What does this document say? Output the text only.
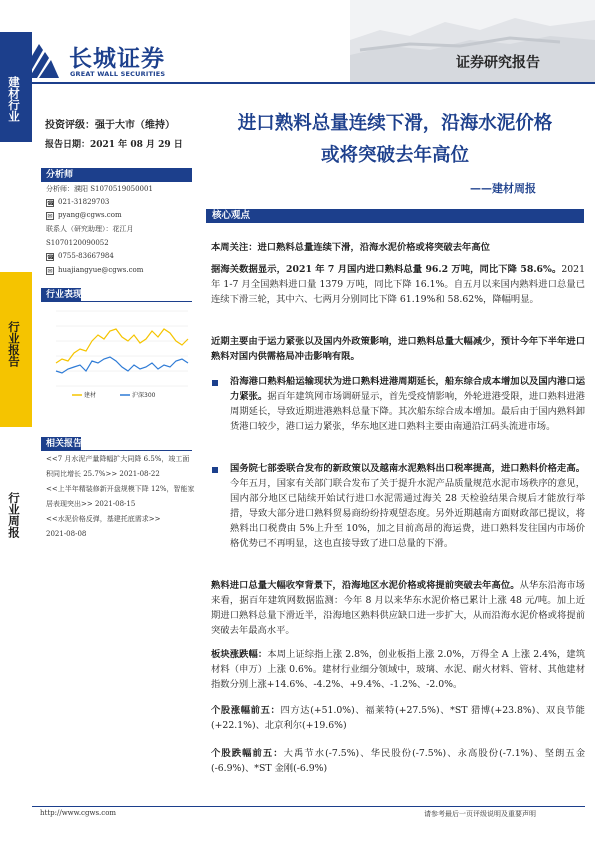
长城证券
GREAT WALL SECURITIES
证券研究报告
建材行业
行业报告
行业周报
投资评级：强于大市（维持）
报告日期：2021 年 08 月 29 日
分析师
分析师：濮阳 S1070519050001
☎ 021-31829703
✉ pyang@cgws.com
联系人（研究助理）：花江月
S1070120090052
☎ 0755-83667984
✉ huajiangyue@cgws.com
行业表现
建材	沪深300
相关报告
<<7 月水泥产量降幅扩大同降 6.5%，竣工面积同比增长 25.7%>> 2021-08-22
<<上半年精装修新开盘规模下降 12%，智能家居表现突出>> 2021-08-15
<<水泥价格反弹，基建托底需求>>
2021-08-08
进口熟料总量连续下滑，沿海水泥价格
或将突破去年高位
——建材周报
核心观点
本周关注：进口熟料总量连续下滑，沿海水泥价格或将突破去年高位
据海关数据显示，2021 年 7 月国内进口熟料总量 96.2 万吨，同比下降 58.6%。2021 年 1-7 月全国熟料进口量 1379 万吨，同比下降 16.1%。自五月以来国内熟料进口总量已连续下滑三轮，其中六、七两月分别同比下降 61.19%和 58.62%，降幅明显。
近期主要由于运力紧张以及国内外政策影响，进口熟料总量大幅减少，预计今年下半年进口熟料对国内供需格局冲击影响有限。
沿海港口熟料船运输现状为进口熟料进港周期延长，船东综合成本增加以及国内港口运力紧张。据百年建筑网市场调研显示，首先受疫情影响，外轮进港受限，进口熟料进港周期延长，导致近期进港熟料总量下降。其次船东综合成本增加。最后由于国内熟料卸货港口较少，港口运力紧张，华东地区进口熟料主要由南通沿江码头流进市场。
国务院七部委联合发布的新政策以及越南水泥熟料出口税率提高，进口熟料价格走高。今年五月，国家有关部门联合发布了关于提升水泥产品质量规范水泥市场秩序的意见，国内部分地区已陆续开始试行进口水泥需通过海关 28 天检验结果合规后才能放行举措，导致大部分进口熟料贸易商纷纷持观望态度。另外近期越南方面财政部已提议，将熟料出口税费由 5%上升至 10%，加之目前高昂的海运费，进口熟料发往国内市场价格优势已不再明显，这也直接导致了进口总量的下滑。
熟料进口总量大幅收窄背景下，沿海地区水泥价格或将提前突破去年高位。从华东沿海市场来看，据百年建筑网数据监测：今年 8 月以来华东水泥价格已累计上涨 48 元/吨。加上近期进口熟料总量下滑近半，沿海地区熟料供应缺口进一步扩大，从而沿海水泥价格或将提前突破去年最高水平。
板块涨跌幅：本周上证综指上涨 2.8%，创业板指上涨 2.0%，万得全 A 上涨 2.4%，建筑材料（申万）上涨 0.6%。建材行业细分领域中，玻璃、水泥、耐火材料、管材、其他建材指数分别上涨+14.6%、-4.2%、+9.4%、-1.2%、-2.0%。
个股涨幅前五：四方达(+51.0%)、福莱特(+27.5%)、*ST 猎博(+23.8%)、双良节能(+22.1%)、北京利尔(+19.6%)
个股跌幅前五：大禹节水(-7.5%)、华民股份(-7.5%)、永高股份(-7.1%)、坚朗五金(-6.9%)、*ST 金刚(-6.9%)
http://www.cgws.com	请参考最后一页评级说明及重要声明
